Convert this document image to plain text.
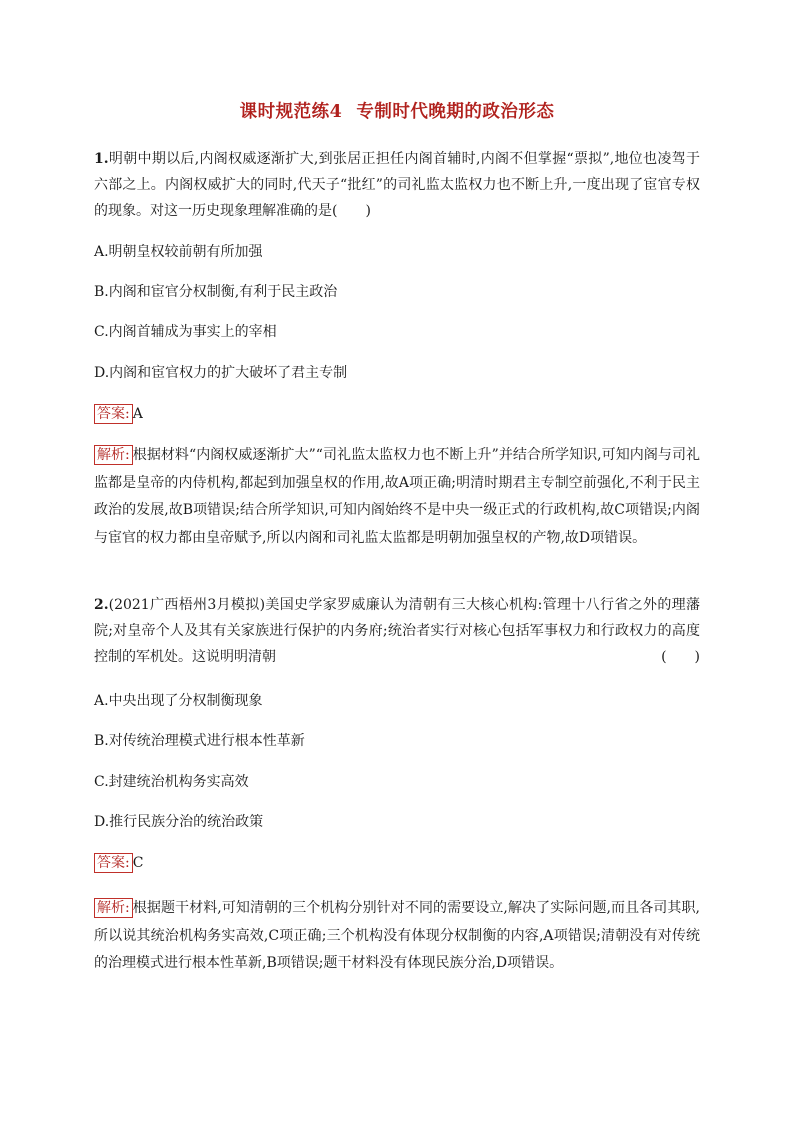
课时规范练4 专制时代晚期的政治形态
1.明朝中期以后,内阁权威逐渐扩大,到张居正担任内阁首辅时,内阁不但掌握“票拟”,地位也凌驾于六部之上。内阁权威扩大的同时,代天子“批红”的司礼监太监权力也不断上升,一度出现了宦官专权的现象。对这一历史现象理解准确的是(　　)
A.明朝皇权较前朝有所加强
B.内阁和宦官分权制衡,有利于民主政治
C.内阁首辅成为事实上的宰相
D.内阁和宦官权力的扩大破坏了君主专制
答案: A
解析: 根据材料“内阁权威逐渐扩大”“司礼监太监权力也不断上升”并结合所学知识,可知内阁与司礼监都是皇帝的内侍机构,都起到加强皇权的作用,故A项正确;明清时期君主专制空前强化,不利于民主政治的发展,故B项错误;结合所学知识,可知内阁始终不是中央一级正式的行政机构,故C项错误;内阁与宦官的权力都由皇帝赋予,所以内阁和司礼监太监都是明朝加强皇权的产物,故D项错误。
2.(2021广西梧州3月模拟)美国史学家罗威廉认为清朝有三大核心机构:管理十八行省之外的理藩院;对皇帝个人及其有关家族进行保护的内务府;统治者实行对核心包括军事权力和行政权力的高度控制的军机处。这说明明清朝	(　　)
A.中央出现了分权制衡现象
B.对传统治理模式进行根本性革新
C.封建统治机构务实高效
D.推行民族分治的统治政策
答案: C
解析: 根据题干材料,可知清朝的三个机构分别针对不同的需要设立,解决了实际问题,而且各司其职,所以说其统治机构务实高效,C项正确;三个机构没有体现分权制衡的内容,A项错误;清朝没有对传统的治理模式进行根本性革新,B项错误;题干材料没有体现民族分治,D项错误。
